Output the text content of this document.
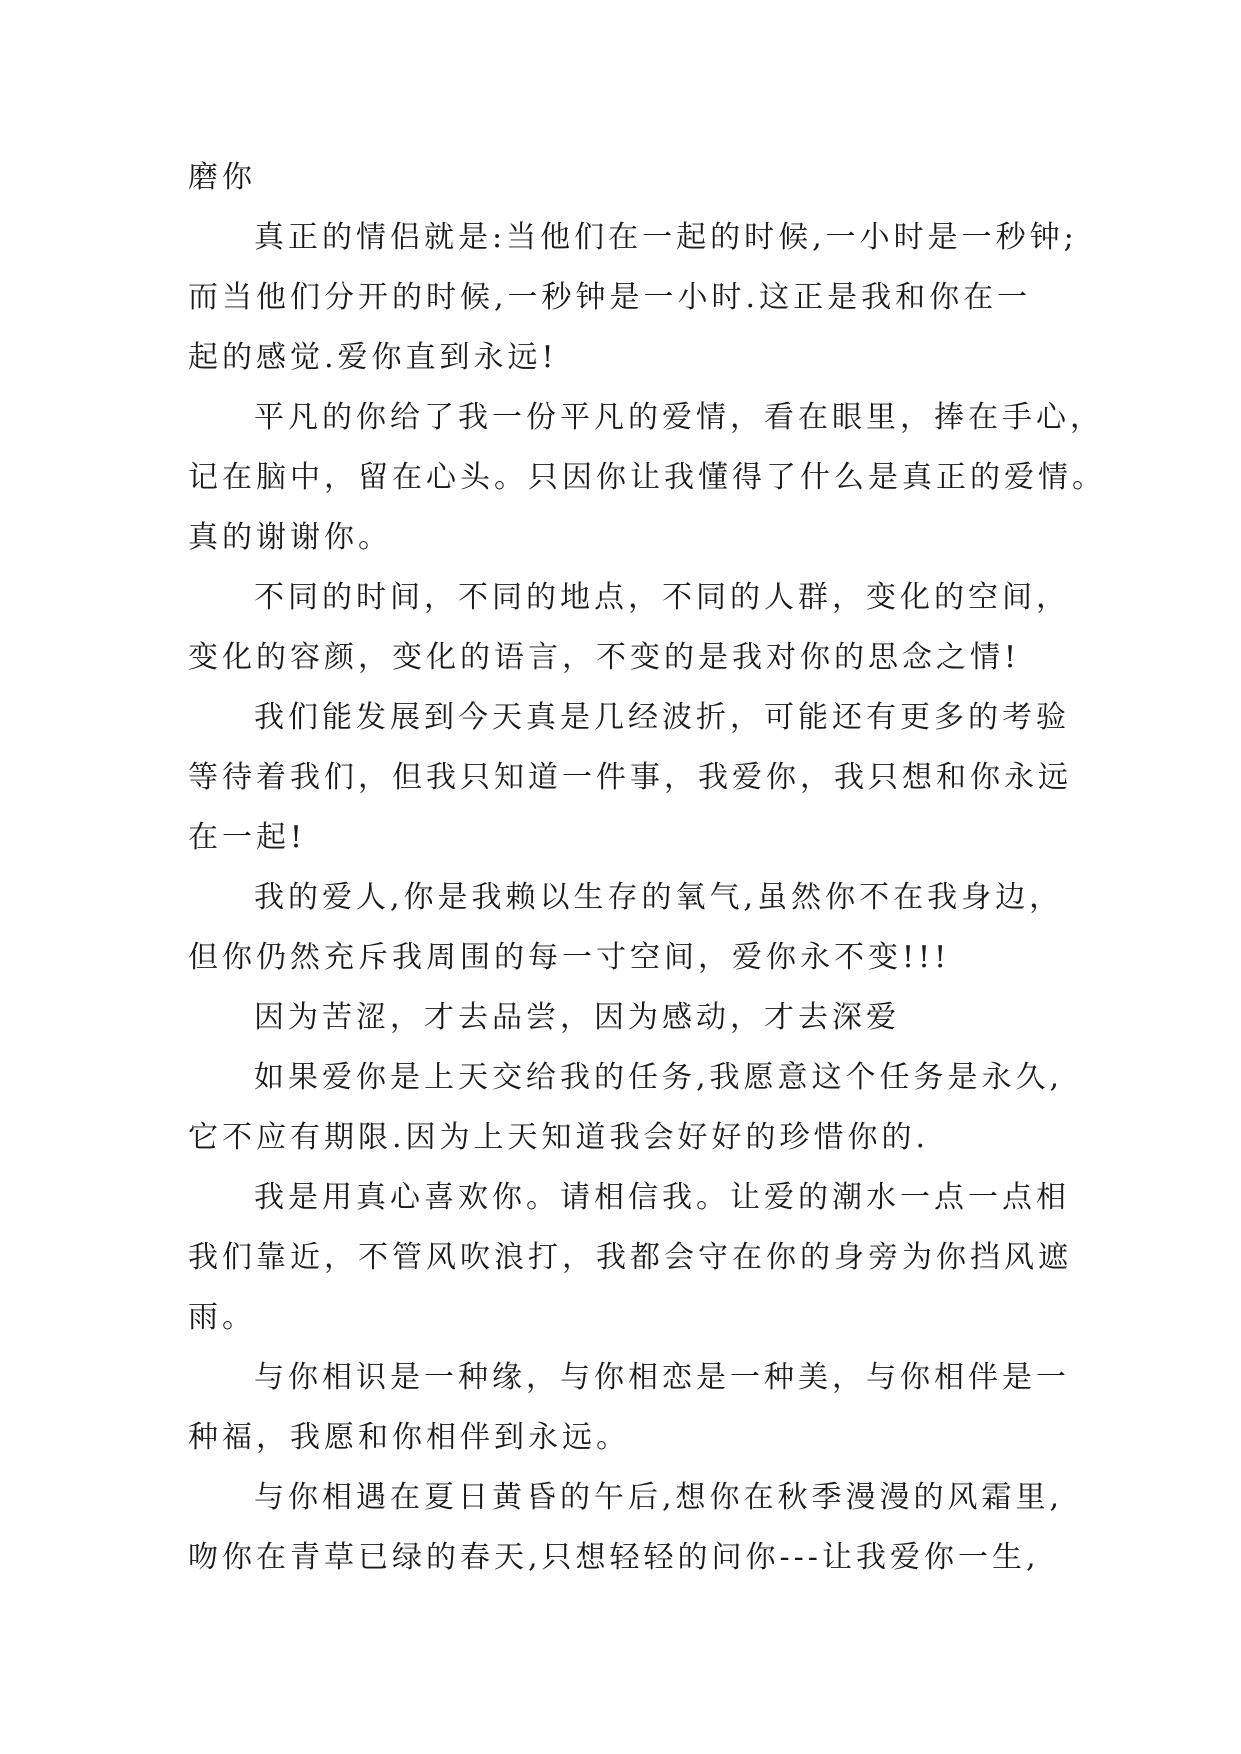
磨你
真正的情侣就是:当他们在一起的时候,一小时是一秒钟;
而当他们分开的时候,一秒钟是一小时.这正是我和你在一
起的感觉.爱你直到永远!
平凡的你给了我一份平凡的爱情，看在眼里，捧在手心，
记在脑中，留在心头。只因你让我懂得了什么是真正的爱情。
真的谢谢你。
不同的时间，不同的地点，不同的人群，变化的空间，
变化的容颜，变化的语言，不变的是我对你的思念之情!
我们能发展到今天真是几经波折，可能还有更多的考验
等待着我们，但我只知道一件事，我爱你，我只想和你永远
在一起!
我的爱人,你是我赖以生存的氧气,虽然你不在我身边，
但你仍然充斥我周围的每一寸空间，爱你永不变!!!
因为苦涩，才去品尝，因为感动，才去深爱
如果爱你是上天交给我的任务,我愿意这个任务是永久,
它不应有期限.因为上天知道我会好好的珍惜你的.
我是用真心喜欢你。请相信我。让爱的潮水一点一点相
我们靠近，不管风吹浪打，我都会守在你的身旁为你挡风遮
雨。
与你相识是一种缘，与你相恋是一种美，与你相伴是一
种福，我愿和你相伴到永远。
与你相遇在夏日黄昏的午后,想你在秋季漫漫的风霜里,
吻你在青草已绿的春天,只想轻轻的问你---让我爱你一生,
